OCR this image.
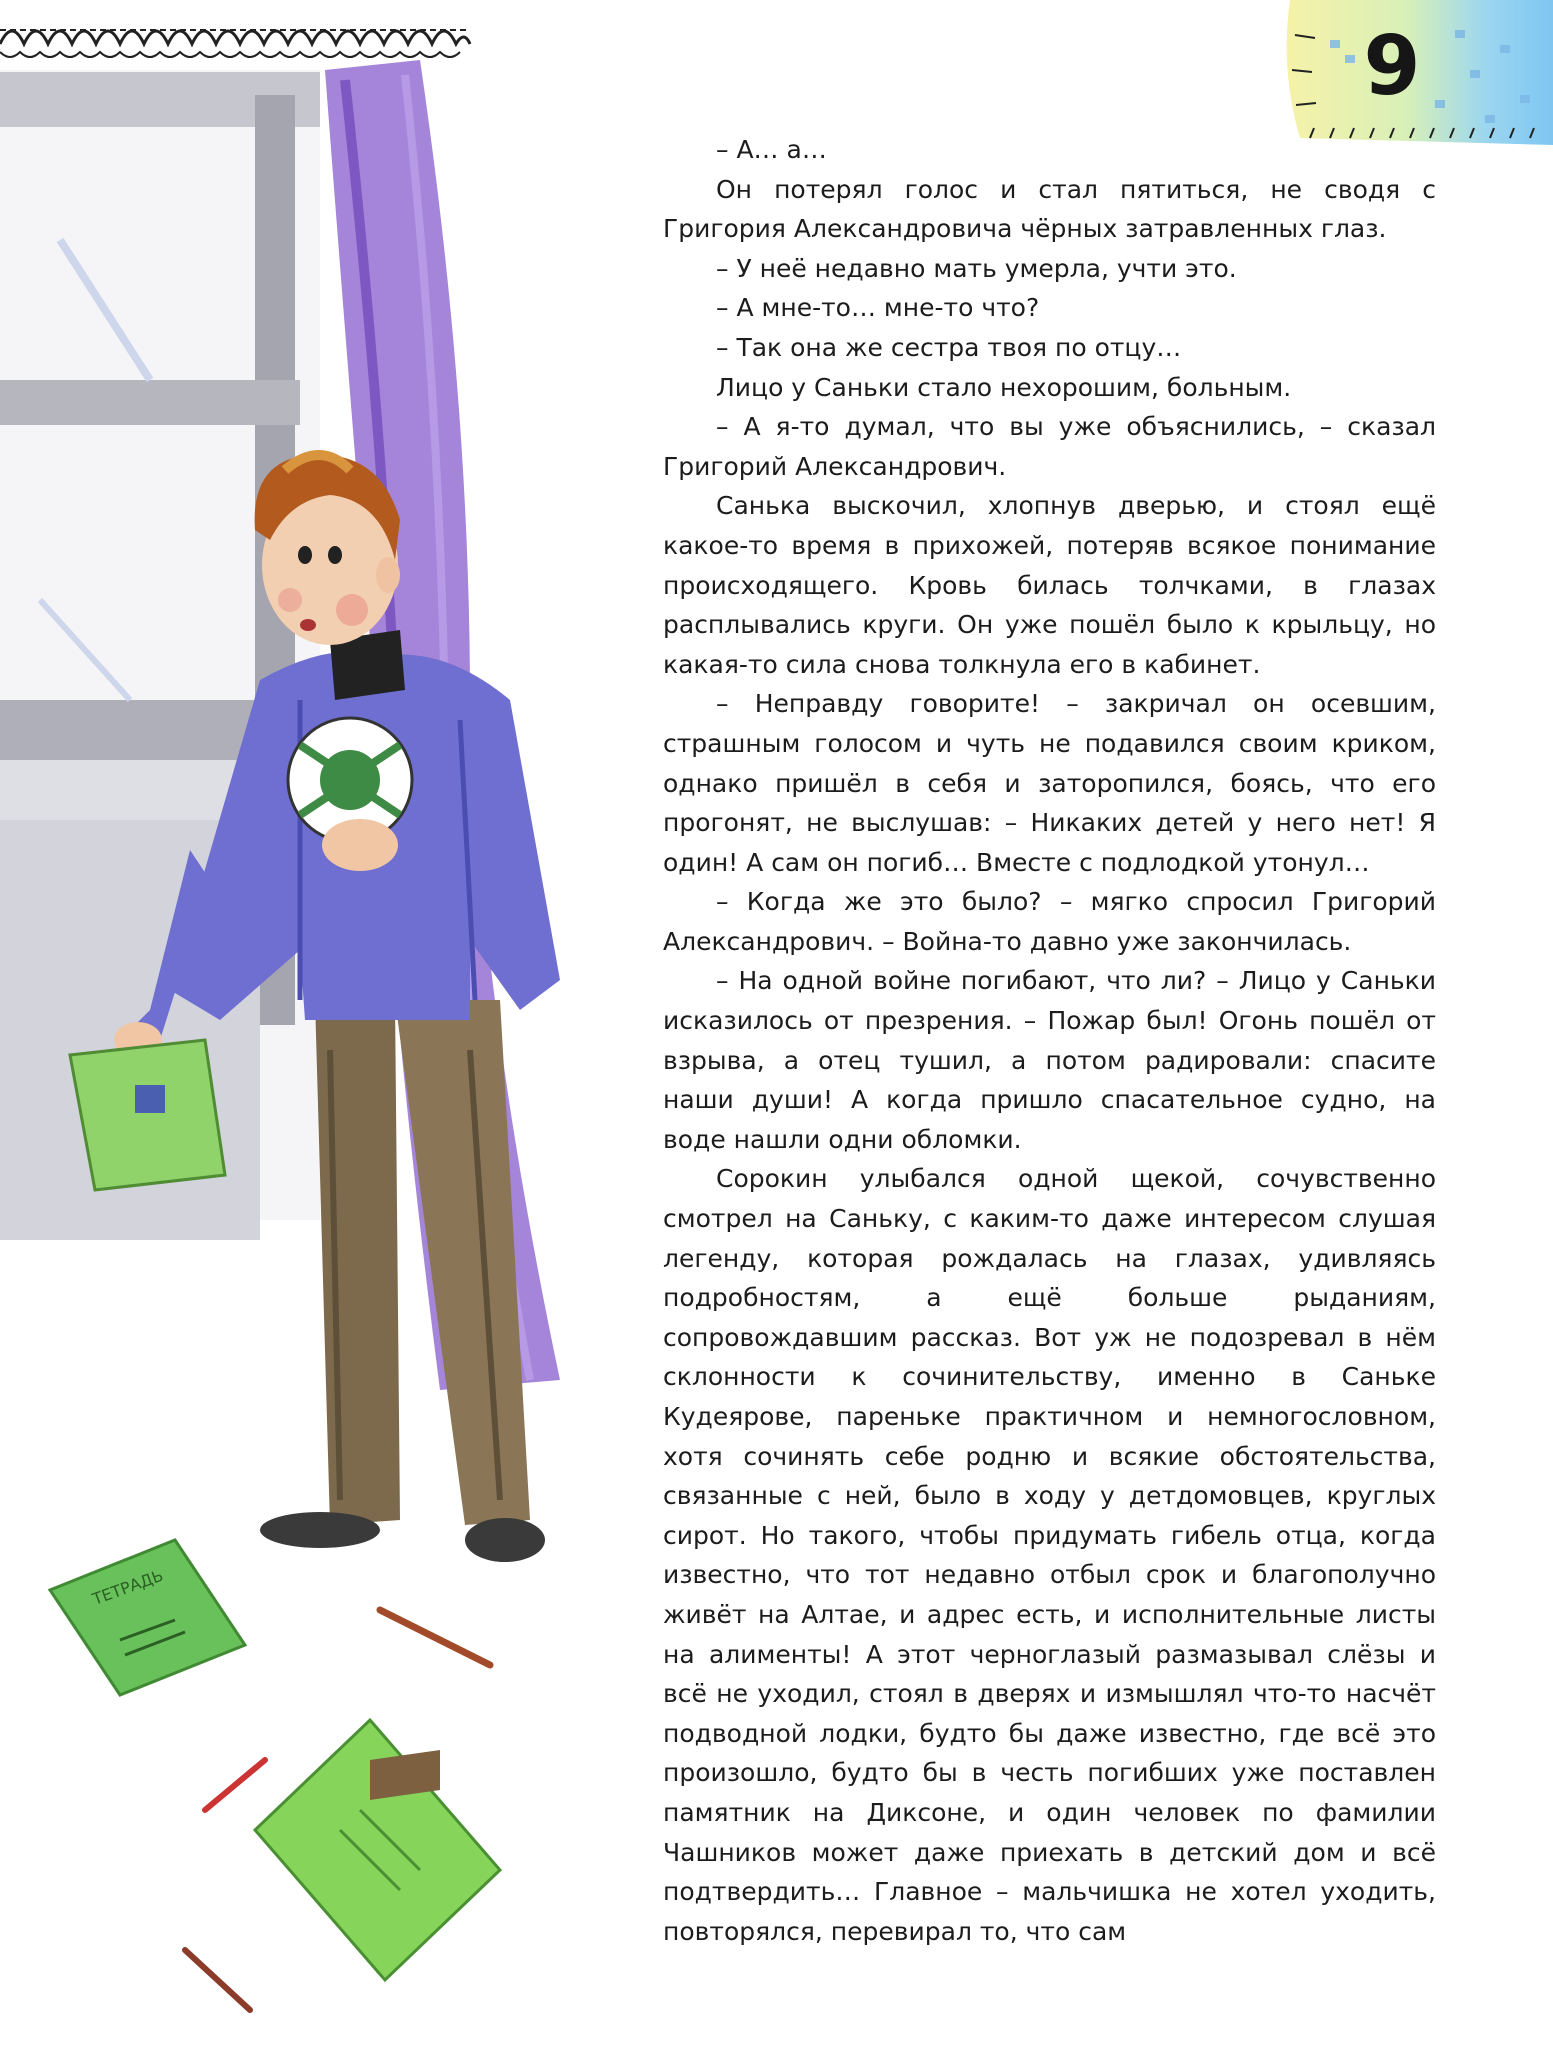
ТЕТРАДЬ
9

– А… а…

Он потерял голос и стал пятиться, не сводя с Григория Александровича чёрных затравленных глаз.

– У неё недавно мать умерла, учти это.

– А мне-то… мне-то что?

– Так она же сестра твоя по отцу…

Лицо у Саньки стало нехорошим, больным.

– А я-то думал, что вы уже объяснились, – сказал Григорий Александрович.

Санька выскочил, хлопнув дверью, и стоял ещё какое-то время в прихожей, потеряв всякое понимание происходящего. Кровь билась толчками, в глазах расплывались круги. Он уже пошёл было к крыльцу, но какая-то сила снова толкнула его в кабинет.

– Неправду говорите! – закричал он осевшим, страшным голосом и чуть не подавился своим криком, однако пришёл в себя и заторопился, боясь, что его прогонят, не выслушав: – Никаких детей у него нет! Я один! А сам он погиб… Вместе с подлодкой утонул…

– Когда же это было? – мягко спросил Григорий Александрович. – Война-то давно уже закончилась.

– На одной войне погибают, что ли? – Лицо у Саньки исказилось от презрения. – Пожар был! Огонь пошёл от взрыва, а отец тушил, а потом радировали: спасите наши души! А когда пришло спасательное судно, на воде нашли одни обломки.

Сорокин улыбался одной щекой, сочувственно смотрел на Саньку, с каким-то даже интересом слушая легенду, которая рождалась на глазах, удивляясь подробностям, а ещё больше рыданиям, сопровождавшим рассказ. Вот уж не подозревал в нём склонности к сочинительству, именно в Саньке Кудеярове, пареньке практичном и немногословном, хотя сочинять себе родню и всякие обстоятельства, связанные с ней, было в ходу у детдомовцев, круглых сирот. Но такого, чтобы придумать гибель отца, когда известно, что тот недавно отбыл срок и благополучно живёт на Алтае, и адрес есть, и исполнительные листы на алименты! А этот черноглазый размазывал слёзы и всё не уходил, стоял в дверях и измышлял что-то насчёт подводной лодки, будто бы даже известно, где всё это произошло, будто бы в честь погибших уже поставлен памятник на Диксоне, и один человек по фамилии Чашников может даже приехать в детский дом и всё подтвердить… Главное – мальчишка не хотел уходить, повторялся, перевирал то, что сам
